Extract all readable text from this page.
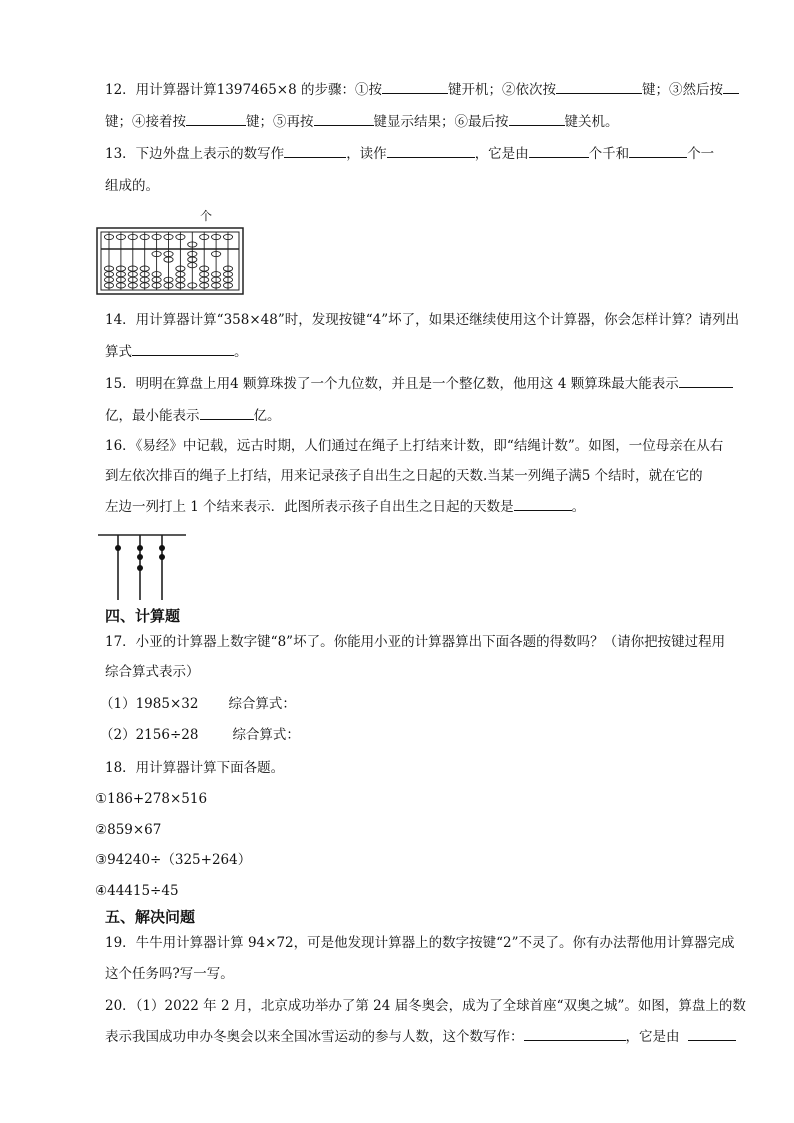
12．用计算器计算1397465×8 的步骤：①按	键开机；②依次按	键；③然后按
键；④接着按	键；⑤再按	键显示结果；⑥最后按	键关机。
13．下边外盘上表示的数写作	，读作	，它是由	个千和	个一
组成的。
个
14．用计算器计算“358×48”时，发现按键“4”坏了，如果还继续使用这个计算器，你会怎样计算？请列出
算式	。
15．明明在算盘上用4 颗算珠拨了一个九位数，并且是一个整亿数，他用这 4 颗算珠最大能表示
亿，最小能表示	亿。
16．《易经》中记载，远古时期，人们通过在绳子上打结来计数，即“结绳计数”。如图，一位母亲在从右
到左依次排百的绳子上打结，用来记录孩子自出生之日起的天数.当某一列绳子满5 个结时，就在它的
左边一列打上 1 个结来表示．此图所表示孩子自出生之日起的天数是	。
四、计算题
17．小亚的计算器上数字键“8”坏了。你能用小亚的计算器算出下面各题的得数吗？（请你把按键过程用
综合算式表示）
（1）1985×32 综合算式：
（2）2156÷28	综合算式：
18．用计算器计算下面各题。
①186+278×516
②859×67
③94240÷（325+264）
④44415÷45
五、解决问题
19．牛牛用计算器计算 94×72，可是他发现计算器上的数字按键“2”不灵了。你有办法帮他用计算器完成
这个任务吗?写一写。
20．（1）2022 年 2 月，北京成功举办了第 24 届冬奥会，成为了全球首座“双奥之城”。如图，算盘上的数
表示我国成功申办冬奥会以来全国冰雪运动的参与人数，这个数写作：	，它是由
